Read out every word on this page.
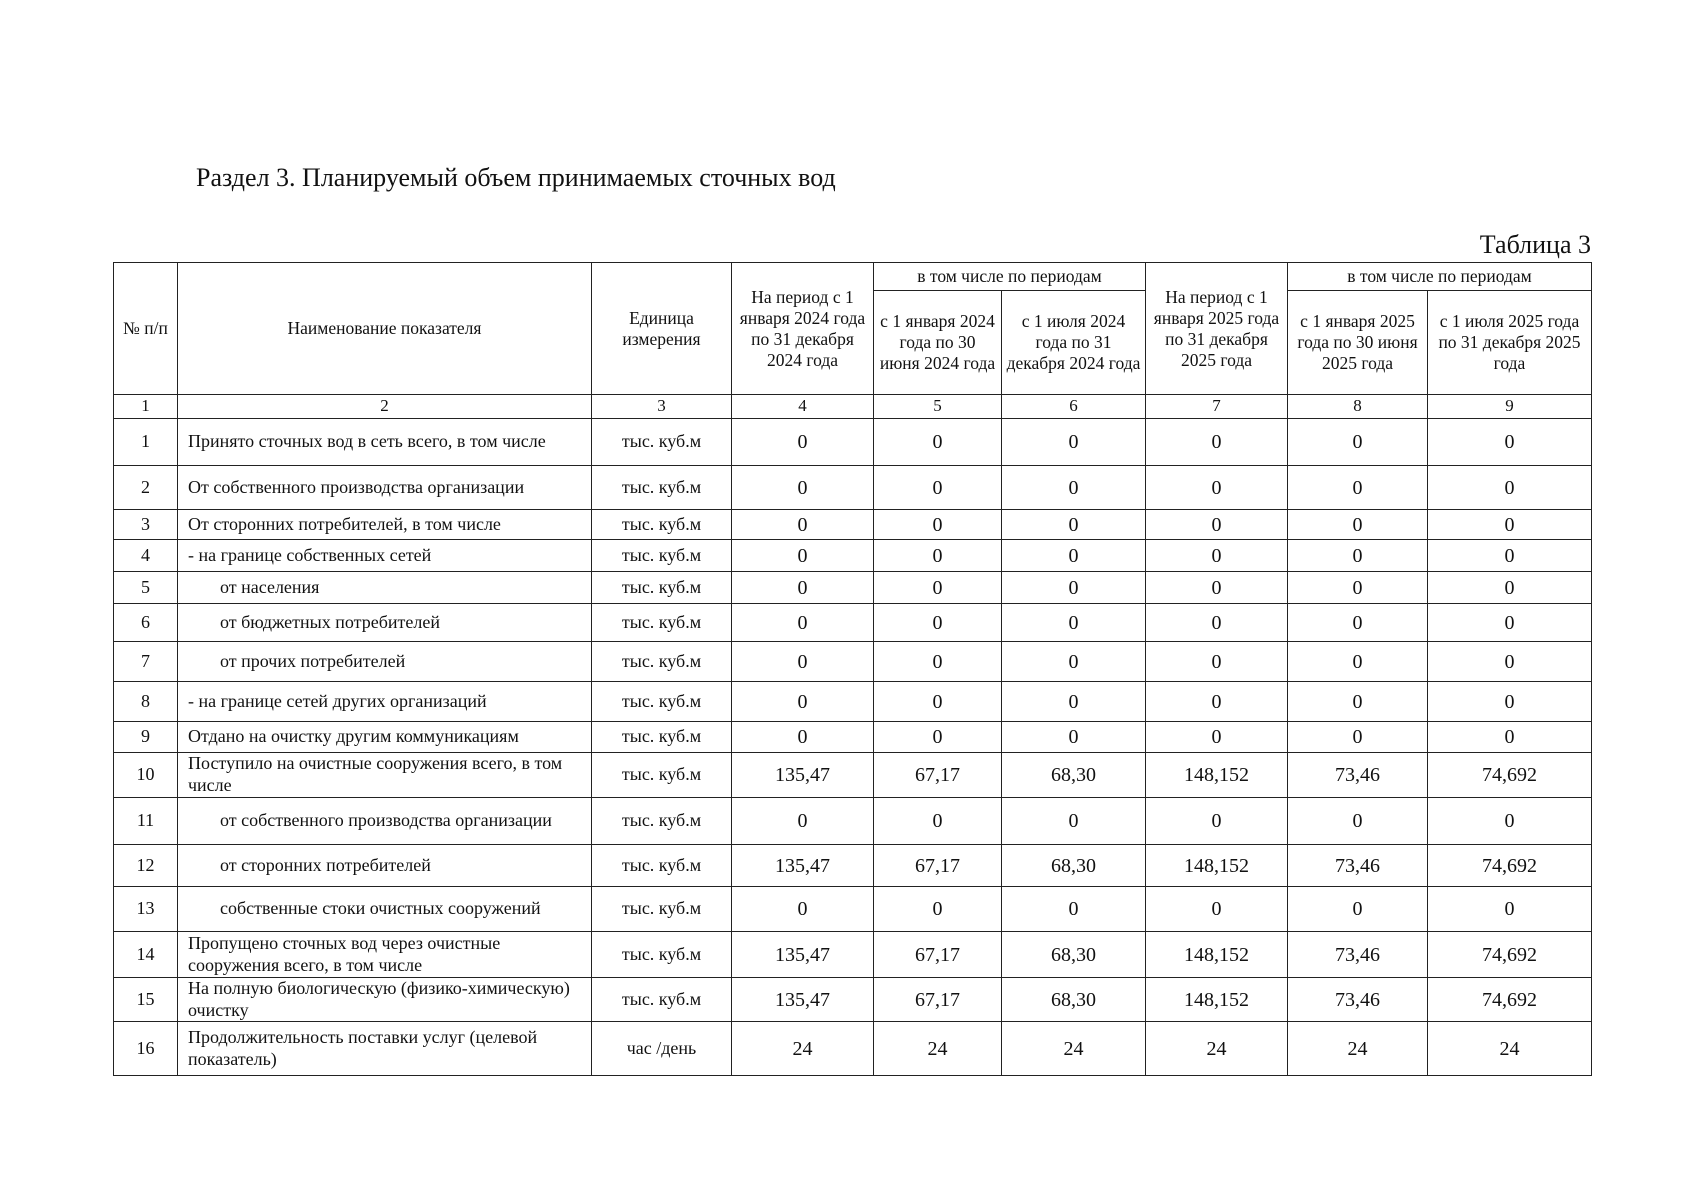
Раздел 3. Планируемый объем принимаемых сточных вод
Таблица 3
№ п/п	Наименование показателя	Единица измерения	На период с 1 января 2024 года по 31 декабря 2024 года	в том числе по периодам		На период с 1 января 2025 года по 31 декабря 2025 года	в том числе по периодам	
				с 1 января 2024 года по 30 июня 2024 года	с 1 июля 2024 года по 31 декабря 2024 года		с 1 января 2025 года по 30 июня 2025 года	с 1 июля 2025 года по 31 декабря 2025 года
1	2	3	4	5	6	7	8	9
1	Принято сточных вод в сеть всего, в том числе	тыс. куб.м	0	0	0	0	0	0
2	От собственного производства организации	тыс. куб.м	0	0	0	0	0	0
3	От сторонних потребителей, в том числе	тыс. куб.м	0	0	0	0	0	0
4	- на границе собственных сетей	тыс. куб.м	0	0	0	0	0	0
5	от населения	тыс. куб.м	0	0	0	0	0	0
6	от бюджетных потребителей	тыс. куб.м	0	0	0	0	0	0
7	от прочих потребителей	тыс. куб.м	0	0	0	0	0	0
8	- на границе сетей других организаций	тыс. куб.м	0	0	0	0	0	0
9	Отдано на очистку другим коммуникациям	тыс. куб.м	0	0	0	0	0	0
10	Поступило на очистные сооружения всего, в том числе	тыс. куб.м	135,47	67,17	68,30	148,152	73,46	74,692
11	от собственного производства организации	тыс. куб.м	0	0	0	0	0	0
12	от сторонних потребителей	тыс. куб.м	135,47	67,17	68,30	148,152	73,46	74,692
13	собственные стоки очистных сооружений	тыс. куб.м	0	0	0	0	0	0
14	Пропущено сточных вод через очистные сооружения всего, в том числе	тыс. куб.м	135,47	67,17	68,30	148,152	73,46	74,692
15	На полную биологическую (физико-химическую) очистку	тыс. куб.м	135,47	67,17	68,30	148,152	73,46	74,692
16	Продолжительность поставки услуг (целевой показатель)	час /день	24	24	24	24	24	24
